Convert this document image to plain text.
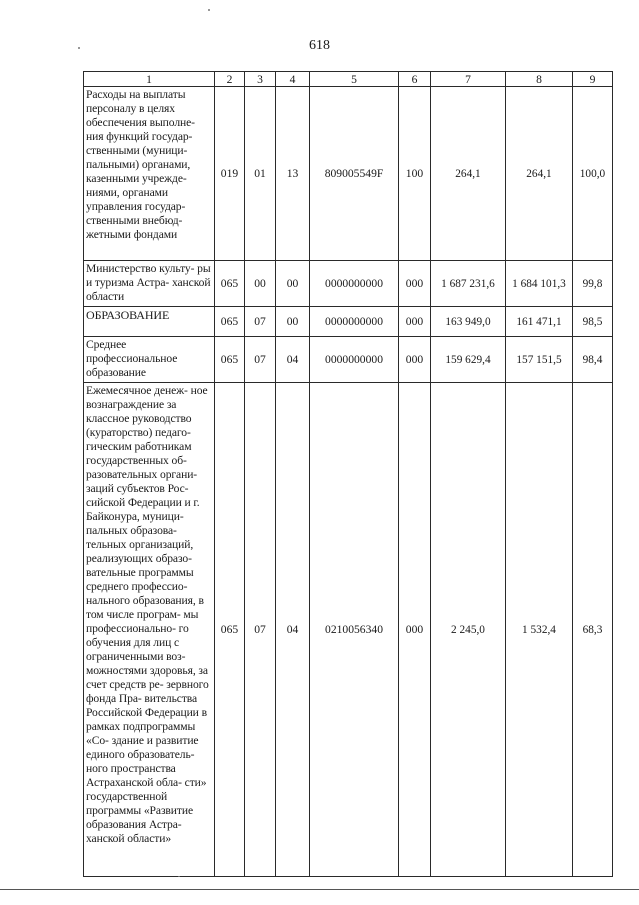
618
1	2	3	4	5	6	7	8	9
Расходы на выплаты персоналу в целях обеспечения выполне- ния функций государ- ственными (муници- пальными) органами, казенными учрежде- ниями, органами управления государ- ственными внебюд- жетными фондами	019	01	13	809005549F	100	264,1	264,1	100,0
Министерство культу- ры и туризма Астра- ханской области	065	00	00	0000000000	000	1 687 231,6	1 684 101,3	99,8
ОБРАЗОВАНИЕ	065	07	00	0000000000	000	163 949,0	161 471,1	98,5
Среднее профессиональное образование	065	07	04	0000000000	000	159 629,4	157 151,5	98,4
Ежемесячное денеж- ное вознаграждение за классное руководство (кураторство) педаго- гическим работникам государственных об- разовательных органи- заций субъектов Рос- сийской Федерации и г. Байконура, муници- пальных образова- тельных организаций, реализующих образо- вательные программы среднего профессио- нального образования, в том числе програм- мы профессионально- го обучения для лиц с ограниченными воз- можностями здоровья, за счет средств ре- зервного фонда Пра- вительства Российской Федерации в рамках подпрограммы «Со- здание и развитие единого образователь- ного пространства Астраханской обла- сти» государственной программы «Развитие образования Астра- ханской области»	065	07	04	0210056340	000	2 245,0	1 532,4	68,3
